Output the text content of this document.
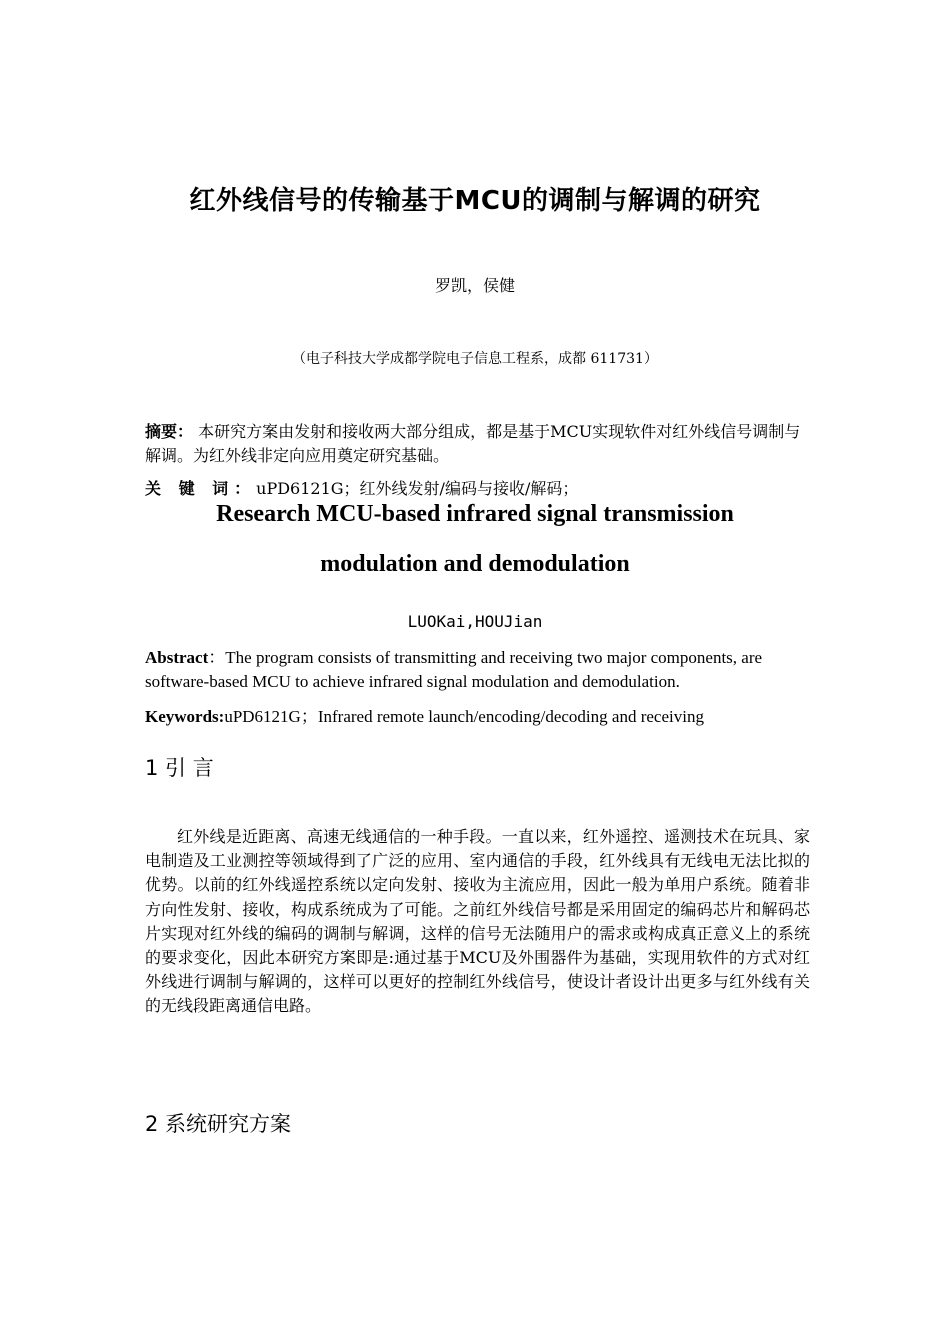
红外线信号的传输基于MCU的调制与解调的研究
罗凯，侯健
（电子科技大学成都学院电子信息工程系，成都 611731）
摘要： 本研究方案由发射和接收两大部分组成，都是基于MCU实现软件对红外线信号调制与解调。为红外线非定向应用奠定研究基础。
关 键 词：uPD6121G；红外线发射/编码与接收/解码；
Research MCU-based infrared signal transmission
modulation and demodulation
LUOKai,HOUJian
Abstract：The program consists of transmitting and receiving two major components, are software-based MCU to achieve infrared signal modulation and demodulation.
Keywords:uPD6121G；Infrared remote launch/encoding/decoding and receiving
1 引 言
红外线是近距离、高速无线通信的一种手段。一直以来，红外遥控、遥测技术在玩具、家电制造及工业测控等领域得到了广泛的应用、室内通信的手段，红外线具有无线电无法比拟的优势。以前的红外线遥控系统以定向发射、接收为主流应用，因此一般为单用户系统。随着非方向性发射、接收，构成系统成为了可能。之前红外线信号都是采用固定的编码芯片和解码芯片实现对红外线的编码的调制与解调，这样的信号无法随用户的需求或构成真正意义上的系统的要求变化，因此本研究方案即是:通过基于MCU及外围器件为基础，实现用软件的方式对红外线进行调制与解调的，这样可以更好的控制红外线信号，使设计者设计出更多与红外线有关的无线段距离通信电路。
2 系统研究方案
